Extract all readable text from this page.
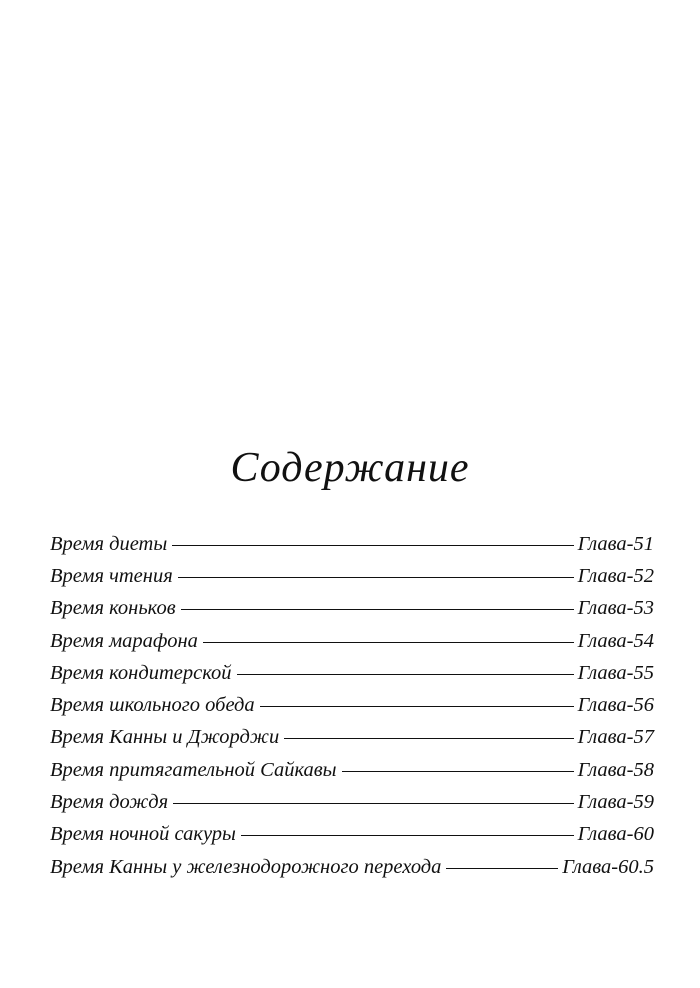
Содержание
Время диеты	Глава-51
Время чтения	Глава-52
Время коньков	Глава-53
Время марафона	Глава-54
Время кондитерской	Глава-55
Время школьного обеда	Глава-56
Время Канны и Джорджи	Глава-57
Время притягательной Сайкавы	Глава-58
Время дождя	Глава-59
Время ночной сакуры	Глава-60
Время Канны у железнодорожного перехода	Глава-60.5
